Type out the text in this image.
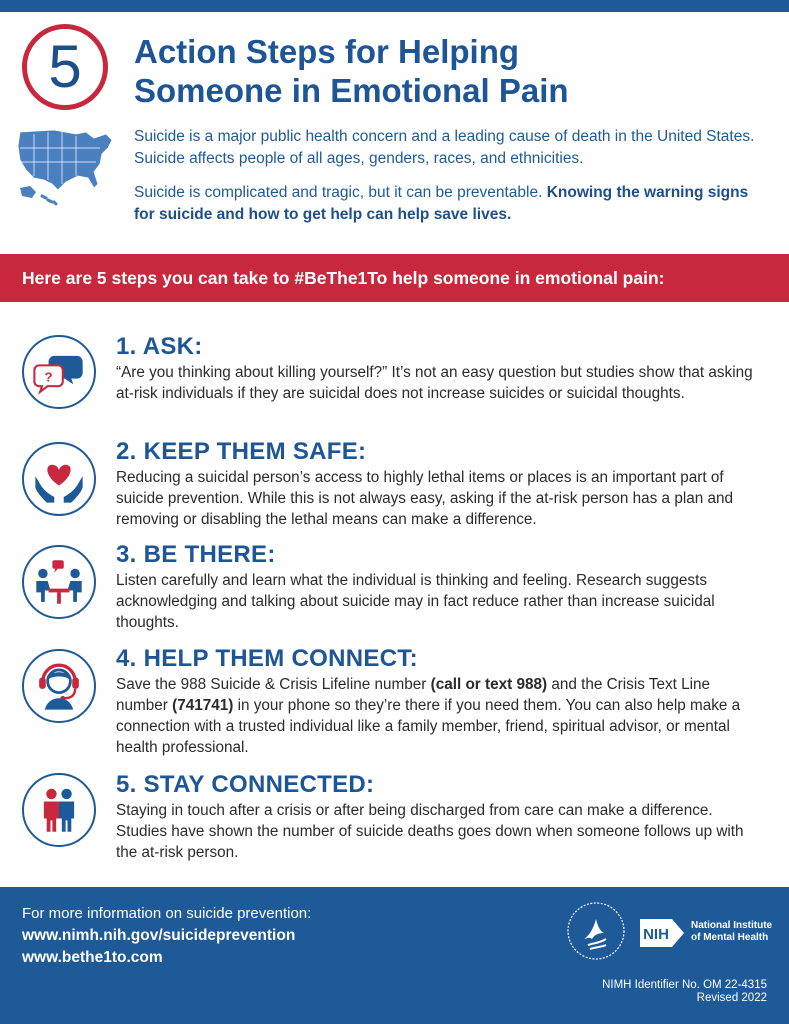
5	Action Steps for Helping
Someone in Emotional Pain

Suicide is a major public health concern and a leading cause of death in the United States. Suicide affects people of all ages, genders, races, and ethnicities.

Suicide is complicated and tragic, but it can be preventable. Knowing the warning signs for suicide and how to get help can help save lives.

Here are 5 steps you can take to #BeThe1To help someone in emotional pain:
?
1. ASK:
“Are you thinking about killing yourself?” It’s not an easy question but studies show that asking at-risk individuals if they are suicidal does not increase suicides or suicidal thoughts.
2. KEEP THEM SAFE:
Reducing a suicidal person’s access to highly lethal items or places is an important part of suicide prevention. While this is not always easy, asking if the at-risk person has a plan and removing or disabling the lethal means can make a difference.
3. BE THERE:
Listen carefully and learn what the individual is thinking and feeling. Research suggests acknowledging and talking about suicide may in fact reduce rather than increase suicidal thoughts.
4. HELP THEM CONNECT:
Save the 988 Suicide & Crisis Lifeline number (call or text 988) and the Crisis Text Line number (741741) in your phone so they’re there if you need them. You can also help make a connection with a trusted individual like a family member, friend, spiritual advisor, or mental health professional.
5. STAY CONNECTED:
Staying in touch after a crisis or after being discharged from care can make a difference. Studies have shown the number of suicide deaths goes down when someone follows up with the at-risk person.
For more information on suicide prevention:
www.nimh.nih.gov/suicideprevention
www.bethe1to.com
NIH
National Institute
of Mental Health
NIMH Identifier No. OM 22-4315
Revised 2022
